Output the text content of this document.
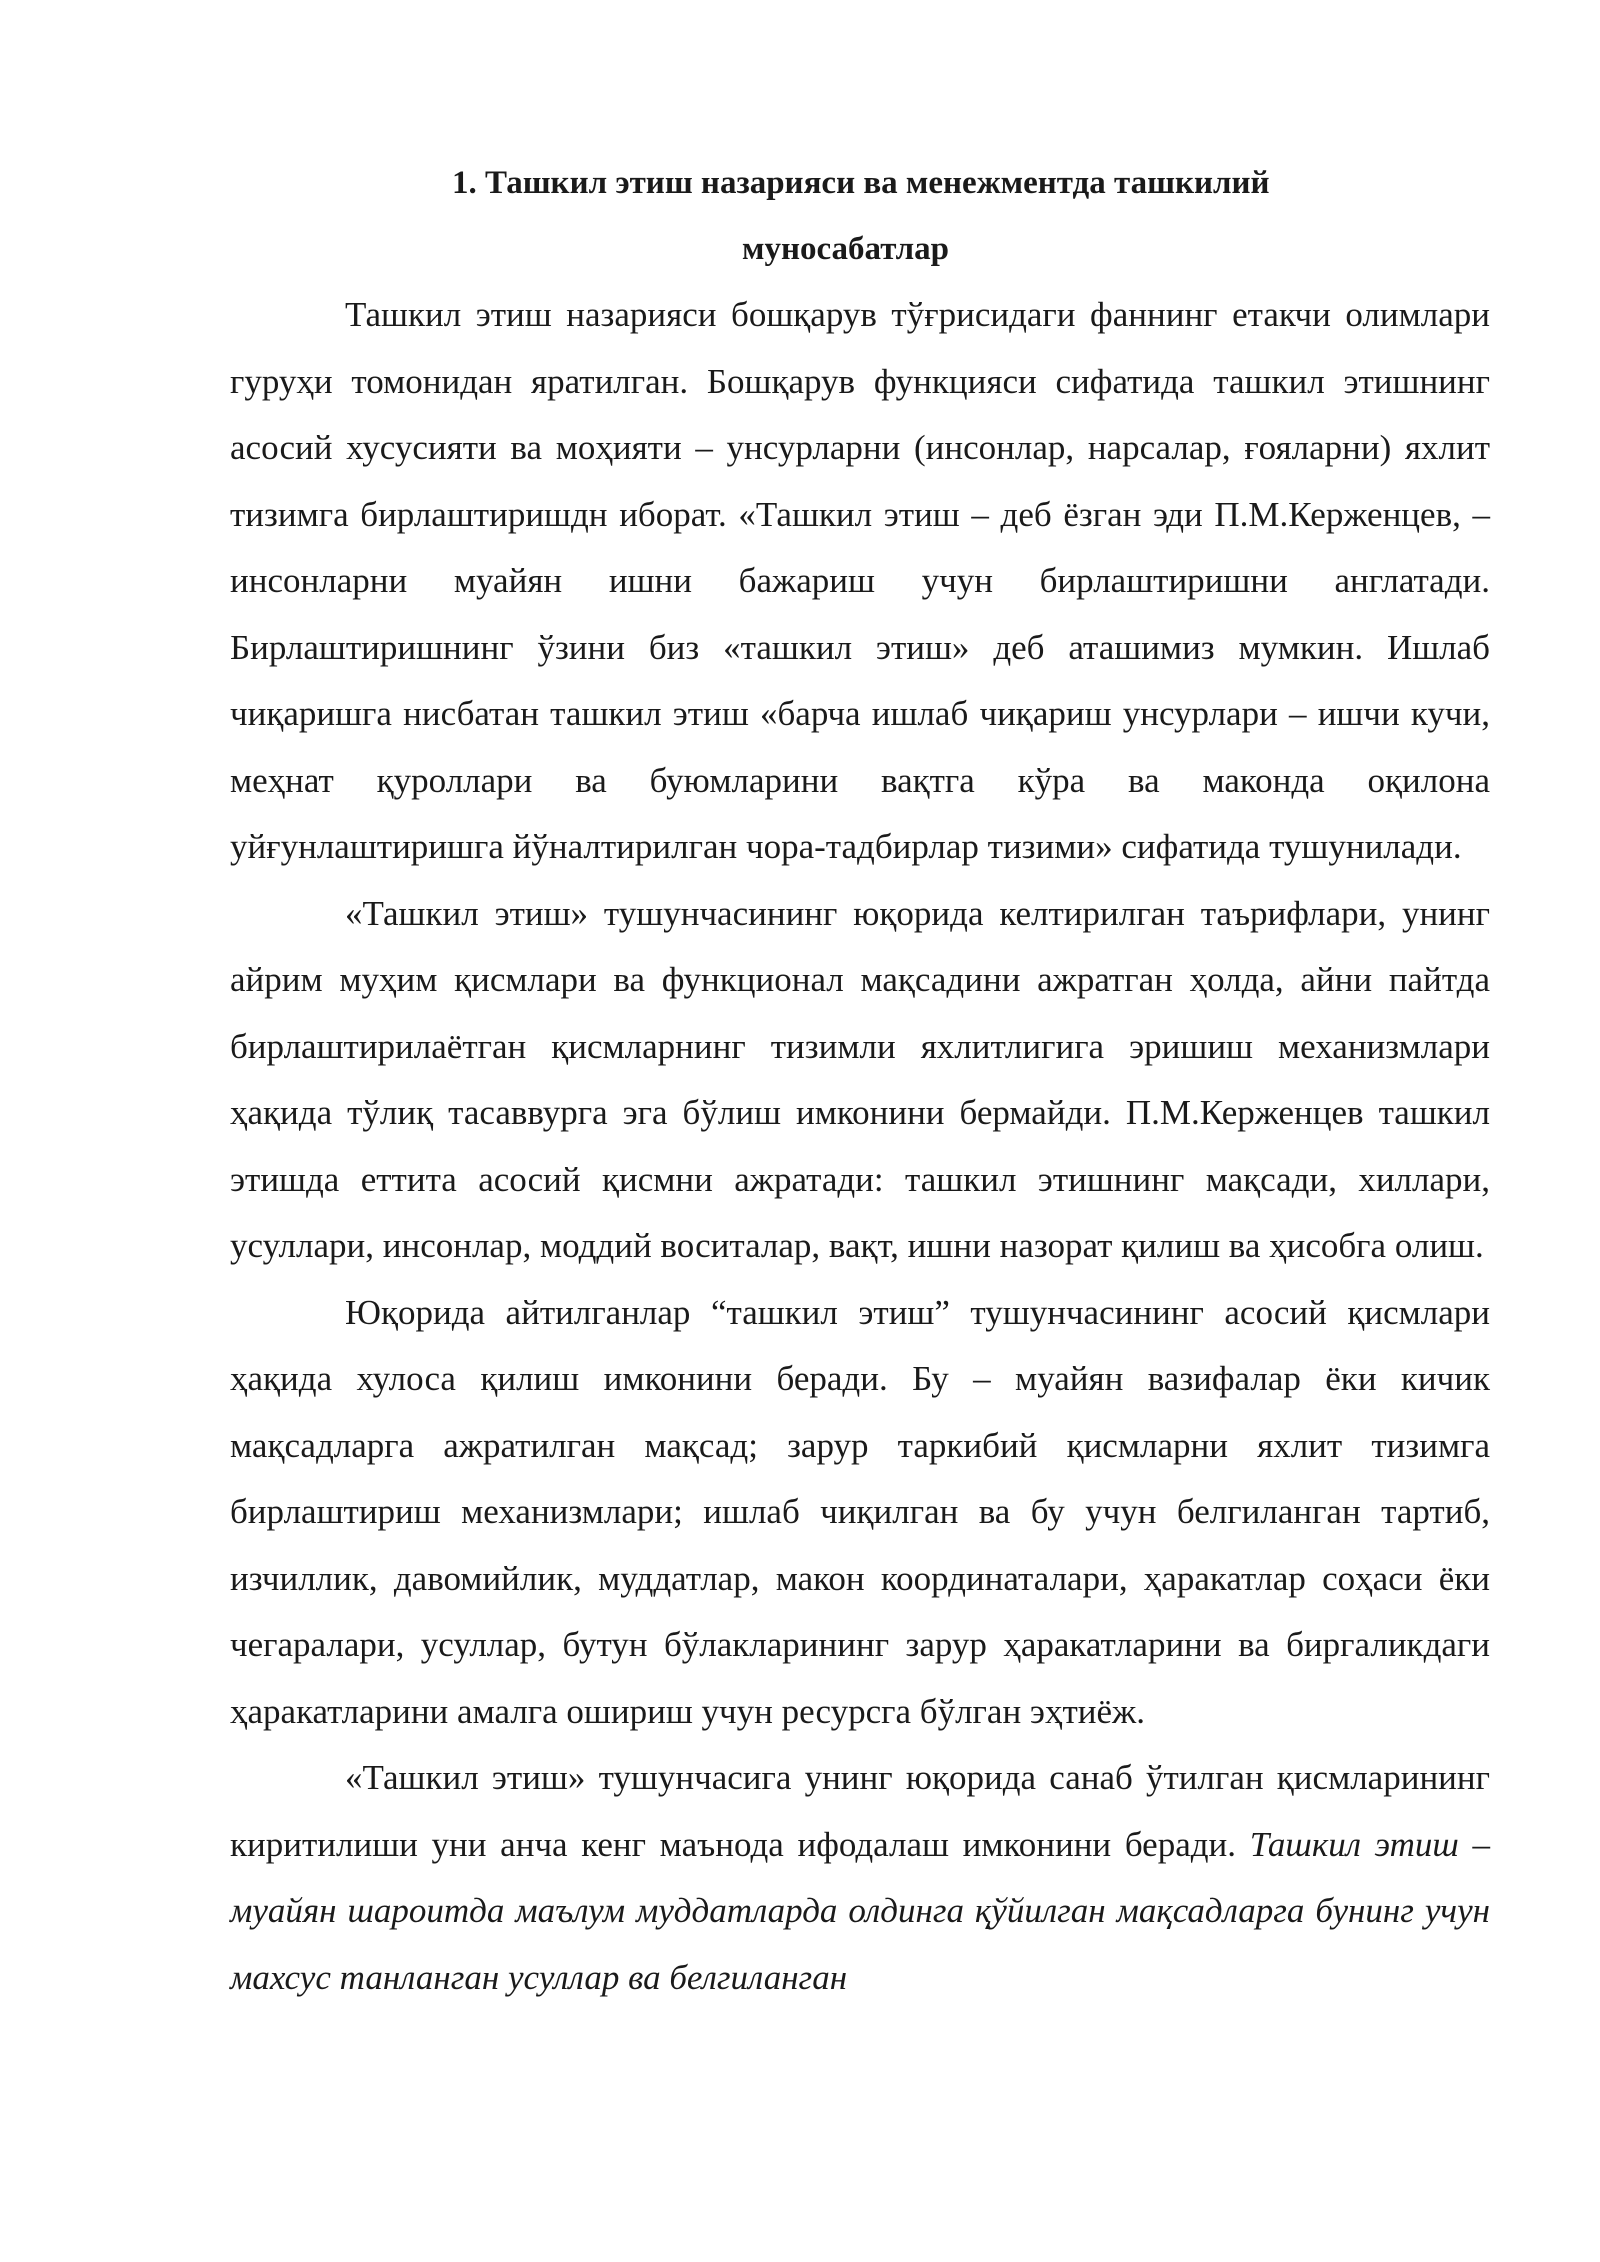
1. Ташкил этиш назарияси ва менежментда ташкилий
муносабатлар

Ташкил этиш назарияси бошқарув тўғрисидаги фаннинг етакчи олимлари гуруҳи томонидан яратилган. Бошқарув функцияси сифатида ташкил этишнинг асосий хусусияти ва моҳияти – унсурларни (инсонлар, нарсалар, ғояларни) яхлит тизимга бирлаштиришдн иборат. «Ташкил этиш – деб ёзган эди П.М.Керженцев, – инсонларни муайян ишни бажариш учун бирлаштиришни англатади. Бирлаштиришнинг ўзини биз «ташкил этиш» деб аташимиз мумкин. Ишлаб чиқаришга нисбатан ташкил этиш «барча ишлаб чиқариш унсурлари – ишчи кучи, меҳнат қуроллари ва буюмларини вақтга кўра ва маконда оқилона уйғунлаштиришга йўналтирилган чора-тадбирлар тизими» сифатида тушунилади.

«Ташкил этиш» тушунчасининг юқорида келтирилган таърифлари, унинг айрим муҳим қисмлари ва функционал мақсадини ажратган ҳолда, айни пайтда бирлаштирилаётган қисмларнинг тизимли яхлитлигига эришиш механизмлари ҳақида тўлиқ тасаввурга эга бўлиш имконини бермайди. П.М.Керженцев ташкил этишда еттита асосий қисмни ажратади: ташкил этишнинг мақсади, хиллари, усуллари, инсонлар, моддий воситалар, вақт, ишни назорат қилиш ва ҳисобга олиш.

Юқорида айтилганлар “ташкил этиш” тушунчасининг асосий қисмлари ҳақида хулоса қилиш имконини беради. Бу – муайян вазифалар ёки кичик мақсадларга ажратилган мақсад; зарур таркибий қисмларни яхлит тизимга бирлаштириш механизмлари; ишлаб чиқилган ва бу учун белгиланган тартиб, изчиллик, давомийлик, муддатлар, макон координаталари, ҳаракатлар соҳаси ёки чегаралари, усуллар, бутун бўлакларининг зарур ҳаракатларини ва биргаликдаги ҳаракатларини амалга ошириш учун ресурсга бўлган эҳтиёж.

«Ташкил этиш» тушунчасига унинг юқорида санаб ўтилган қисмларининг киритилиши уни анча кенг маънода ифодалаш имконини беради. Ташкил этиш – муайян шароитда маълум муддатларда олдинга қўйилган мақсадларга бунинг учун махсус танланган усуллар ва белгиланган
